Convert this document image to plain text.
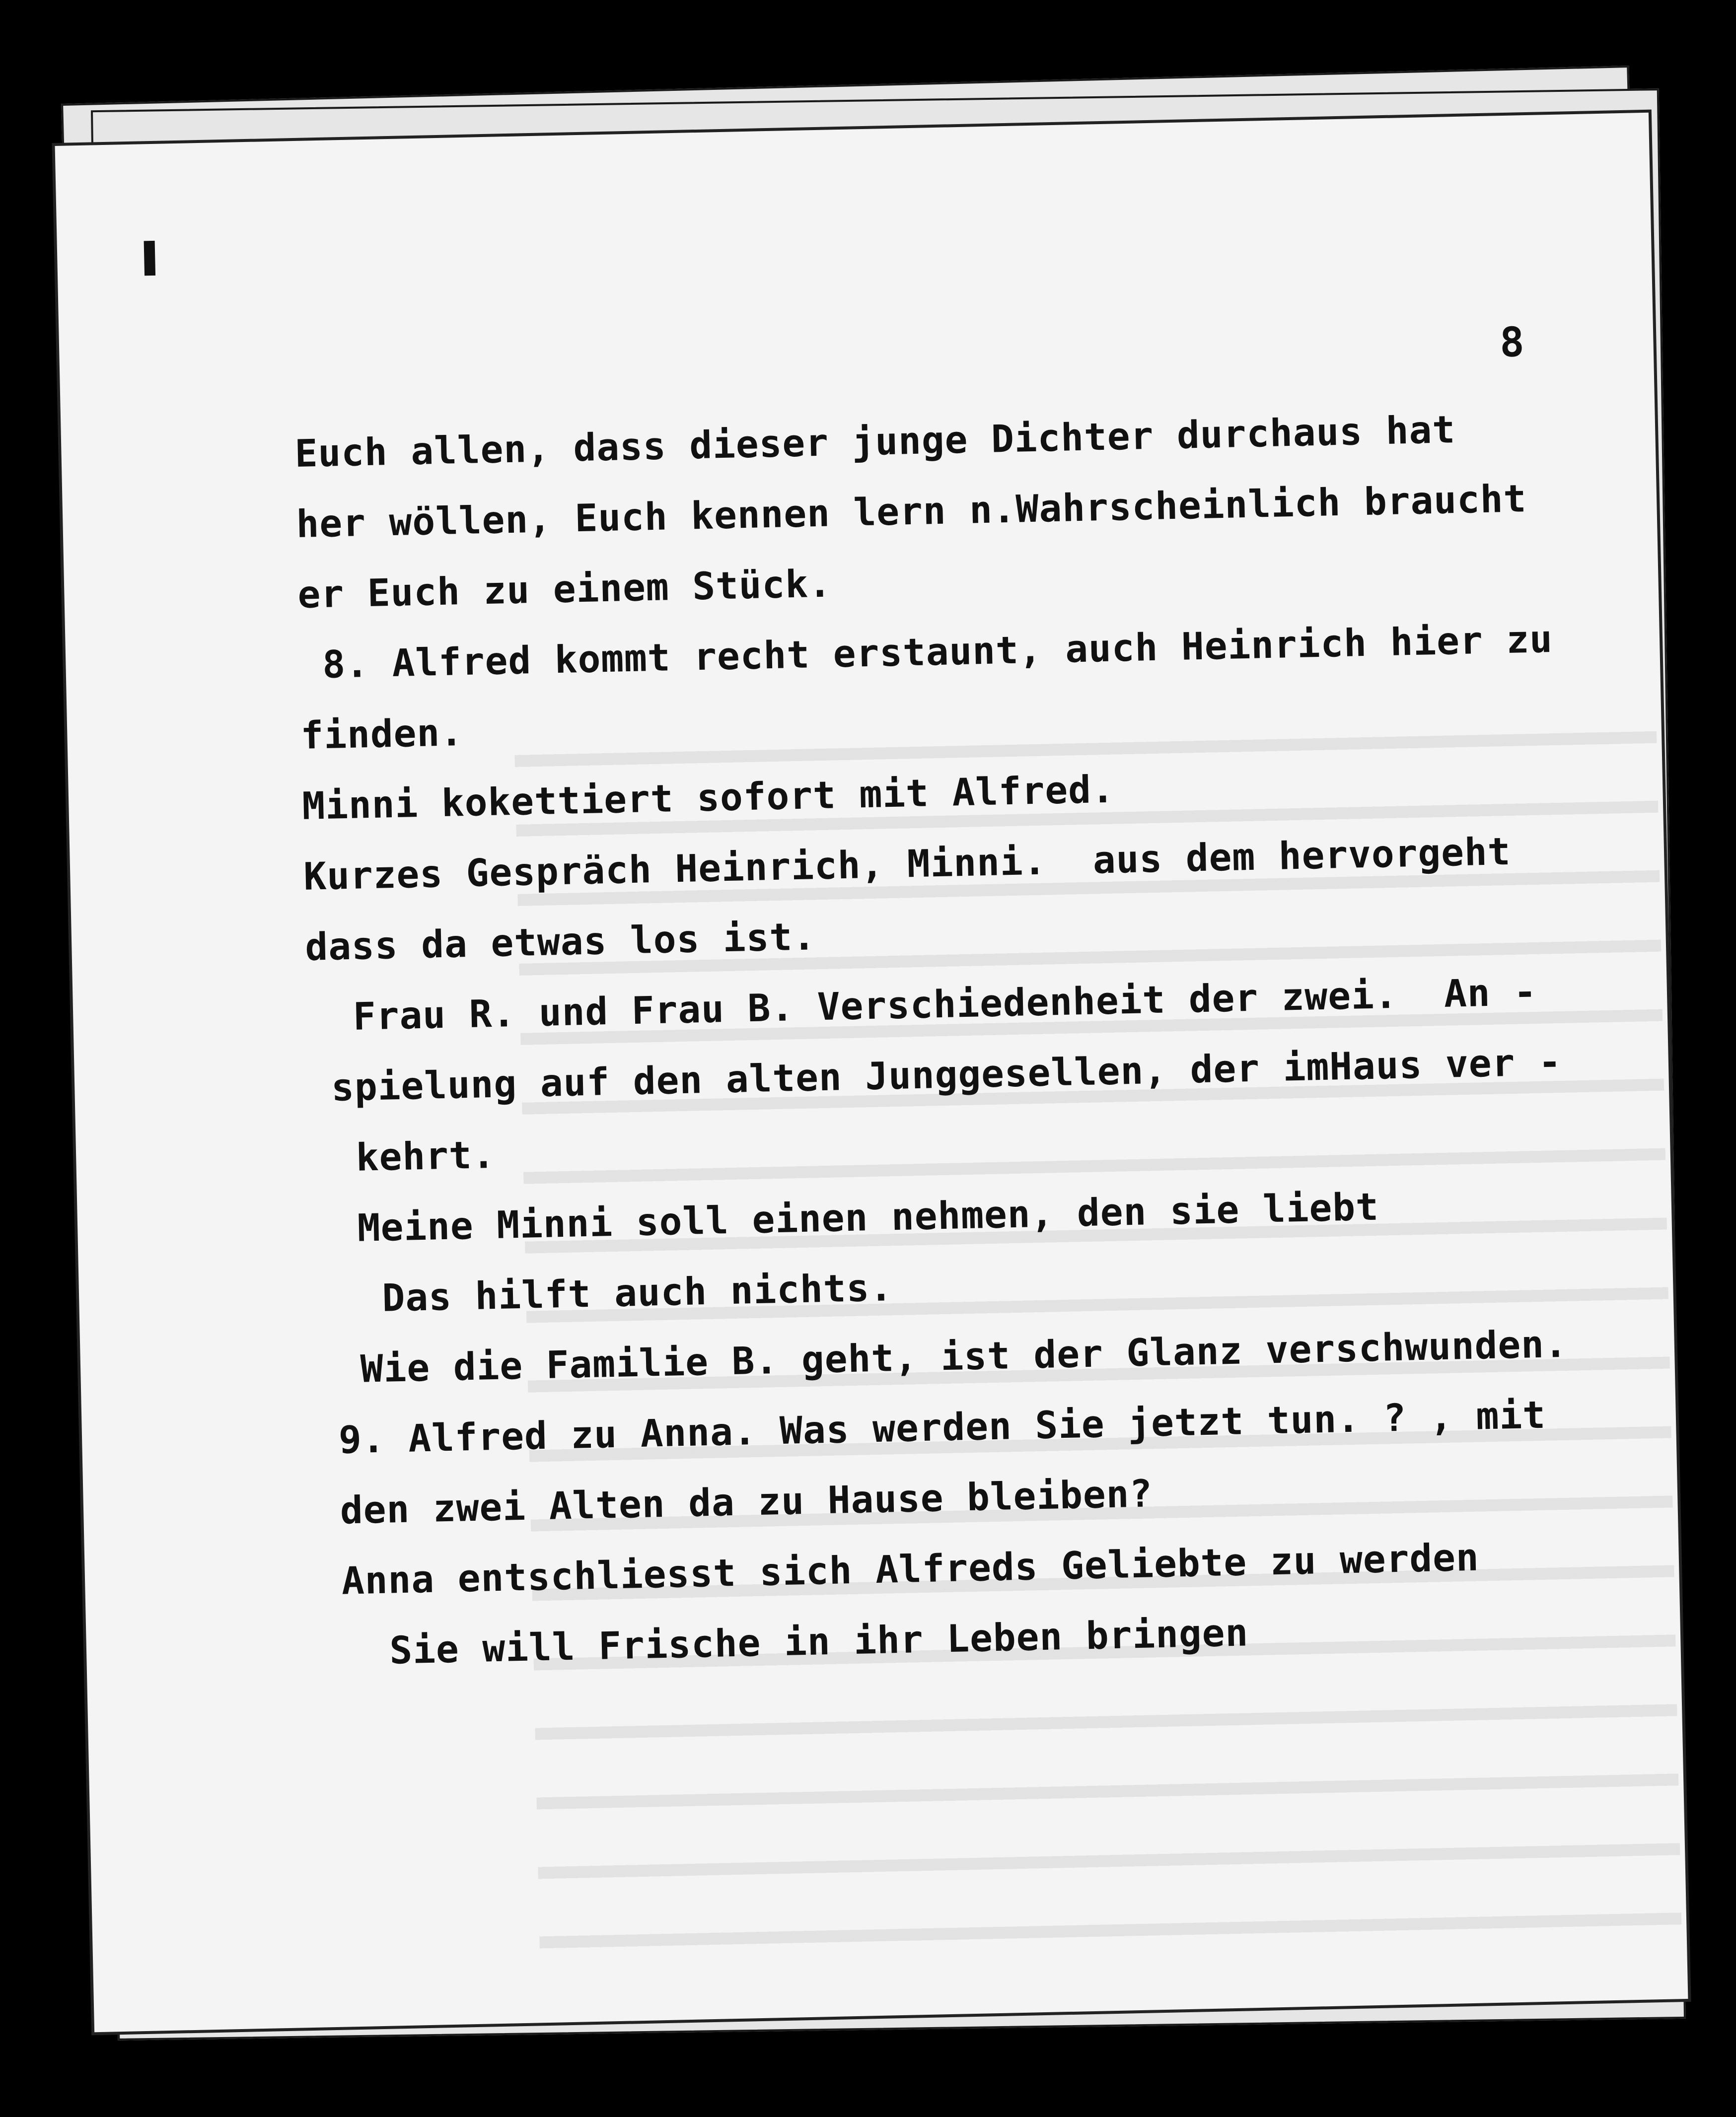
8
Euch allen, dass dieser junge Dichter durchaus hat
her wöllen, Euch kennen lern n.Wahrscheinlich braucht
er Euch zu einem Stück.
8. Alfred kommt recht erstaunt, auch Heinrich hier zu
finden.
Minni kokettiert sofort mit Alfred.
Kurzes Gespräch Heinrich, Minni.  aus dem hervorgeht
dass da etwas los ist.
Frau R. und Frau B. Verschiedenheit der zwei.  An -
spielung auf den alten Junggesellen, der imHaus ver -
kehrt.
Meine Minni soll einen nehmen, den sie liebt
Das hilft auch nichts.
Wie die Familie B. geht, ist der Glanz verschwunden.
9. Alfred zu Anna. Was werden Sie jetzt tun. ? , mit
den zwei Alten da zu Hause bleiben?
Anna entschliesst sich Alfreds Geliebte zu werden
Sie will Frische in ihr Leben bringen
